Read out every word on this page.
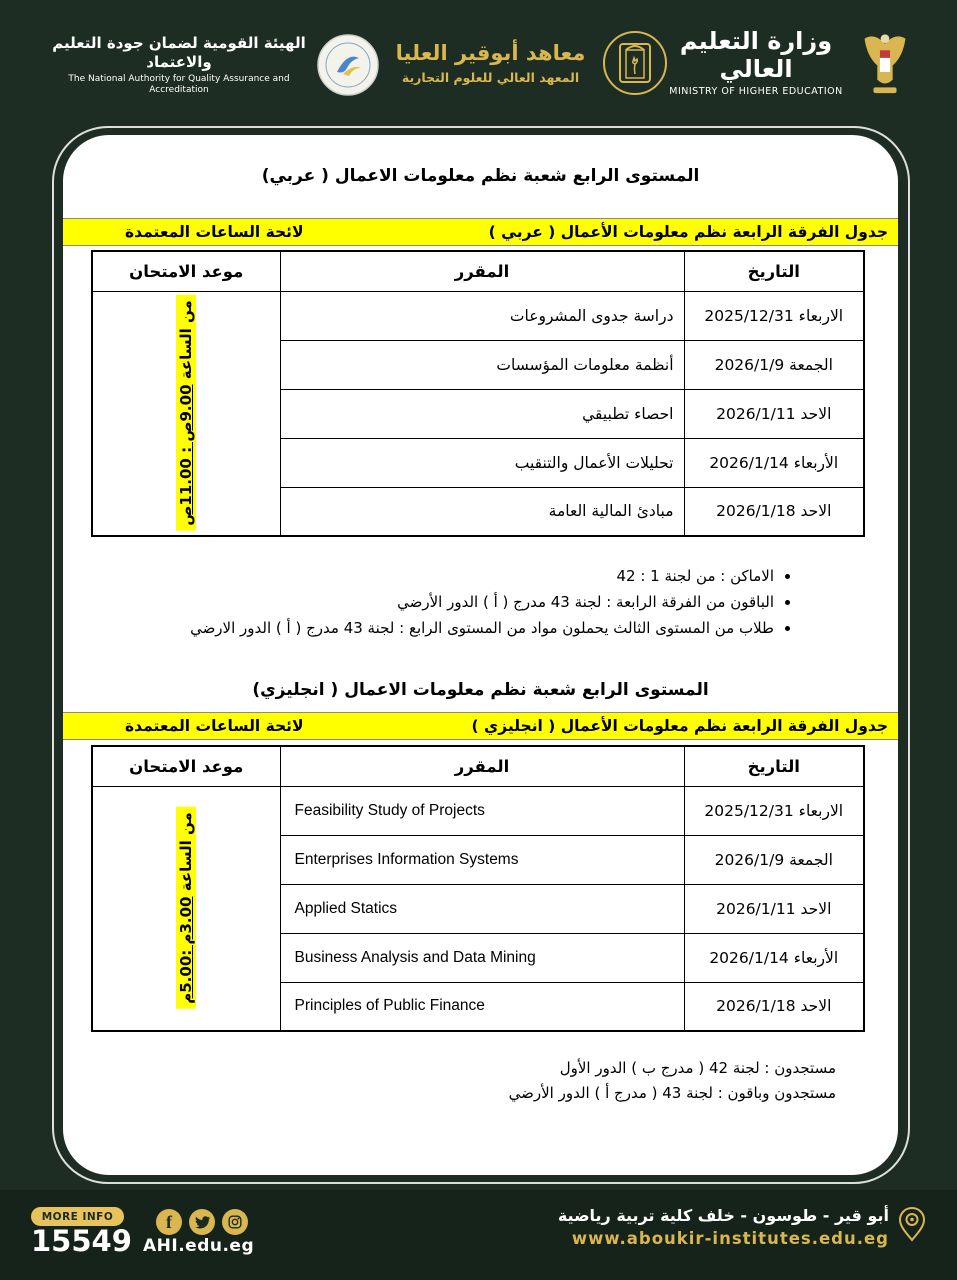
الهيئة القومية لضمان جودة التعليم والاعتماد
The National Authority for Quality Assurance and Accreditation
معاهد أبوقير العليا
المعهد العالي للعلوم التجارية
وزارة التعليم العالي
MINISTRY OF HIGHER EDUCATION
المستوى الرابع شعبة نظم معلومات الاعمال ( عربي)
جدول الفرقة الرابعة نظم معلومات الأعمال ( عربي )
لائحة الساعات المعتمدة
التاريخ	المقرر	موعد الامتحان
الاربعاء 2025/12/31	دراسة جدوى المشروعات	من الساعة 9.00ص : 11.00ص

الجمعة 2026/1/9	أنظمة معلومات المؤسسات	
الاحد 2026/1/11	احصاء تطبيقي	
الأربعاء 2026/1/14	تحليلات الأعمال والتنقيب	
الاحد 2026/1/18	مبادئ المالية العامة	
• الاماكن : من لجنة 1 ‏: 42
• الباقون من الفرقة الرابعة : لجنة 43 مدرج ( أ ) الدور الأرضي
• طلاب من المستوى الثالث يحملون مواد من المستوى الرابع : لجنة 43 مدرج ( أ ) الدور الارضي
المستوى الرابع شعبة نظم معلومات الاعمال ( انجليزي)
جدول الفرقة الرابعة نظم معلومات الأعمال ( انجليزي )
لائحة الساعات المعتمدة
التاريخ	المقرر	موعد الامتحان
الاربعاء 2025/12/31	Feasibility Study of Projects	من الساعة 3.00م :5.00م

الجمعة 2026/1/9	Enterprises Information Systems	
الاحد 2026/1/11	Applied Statics	
الأربعاء 2026/1/14	Business Analysis and Data Mining	
الاحد 2026/1/18	Principles of Public Finance	
مستجدون : لجنة 42 ( مدرج ب ) الدور الأول
مستجدون وباقون : لجنة 43 ( مدرج أ ) الدور الأرضي
MORE INFO
15549
f
AHI.edu.eg
أبو قير - طوسون - خلف كلية تربية رياضية
www.aboukir-institutes.edu.eg
